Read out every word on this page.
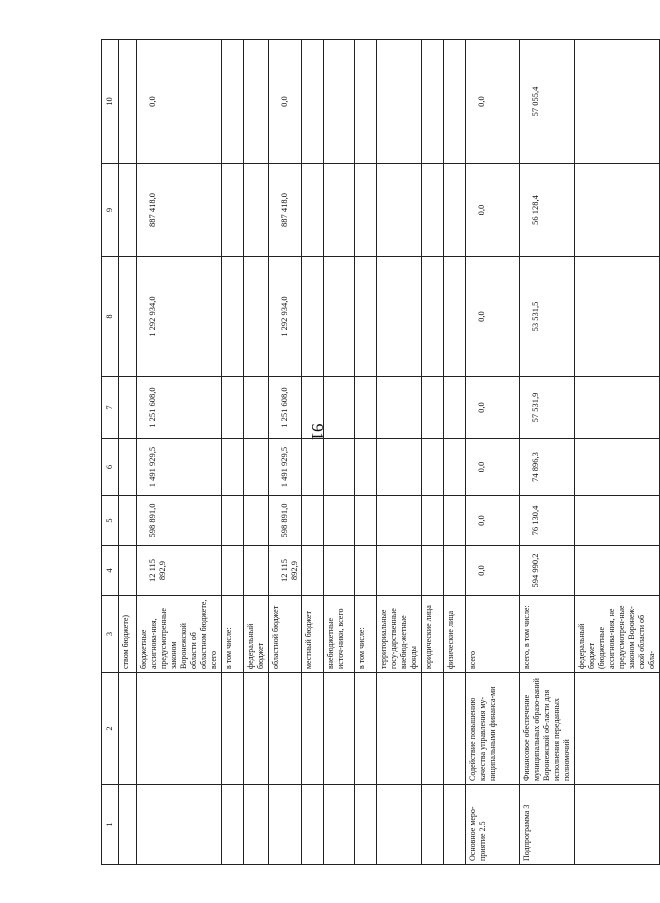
91
1	2	3	4	5	6	7	8	9	10
		ством бюджете)							
		бюджетные ассигнова-ния, предусмотренные законом Воронежской области об областном бюджете, всего	12 115 892,9	598 891,0	1 491 929,5	1 251 608,0	1 292 934,0	887 418,0	0,0
		в том числе:							
		федеральный бюджет							
		областной бюджет	12 115 892,9	598 891,0	1 491 929,5	1 251 608,0	1 292 934,0	887 418,0	0,0
		местный бюджет							
		внебюджетные источ-ники, всего							
		в том числе:							
		территориальные госу-дарственные внебюд-жетные фонды							
		юридические лица							
		физические лица							
Основное меро-приятие 2.5	Содействие повышению качества управления му-ниципальными финанса-ми	всего	0,0	0,0	0,0	0,0	0,0	0,0	0,0
Подпрограмма 3	Финансовое обеспечение муниципальных образо-ваний Воронежской об-ласти для исполнения переданных полномочий	всего, в том числе:	594 990,2	76 130,4	74 896,3	57 531,9	53 531,5	56 128,4	57 055,4
		федеральный бюджет (бюджетные ассигнова-ния, не предусмотрен-ные законом Воронеж-ской области об обла-							
